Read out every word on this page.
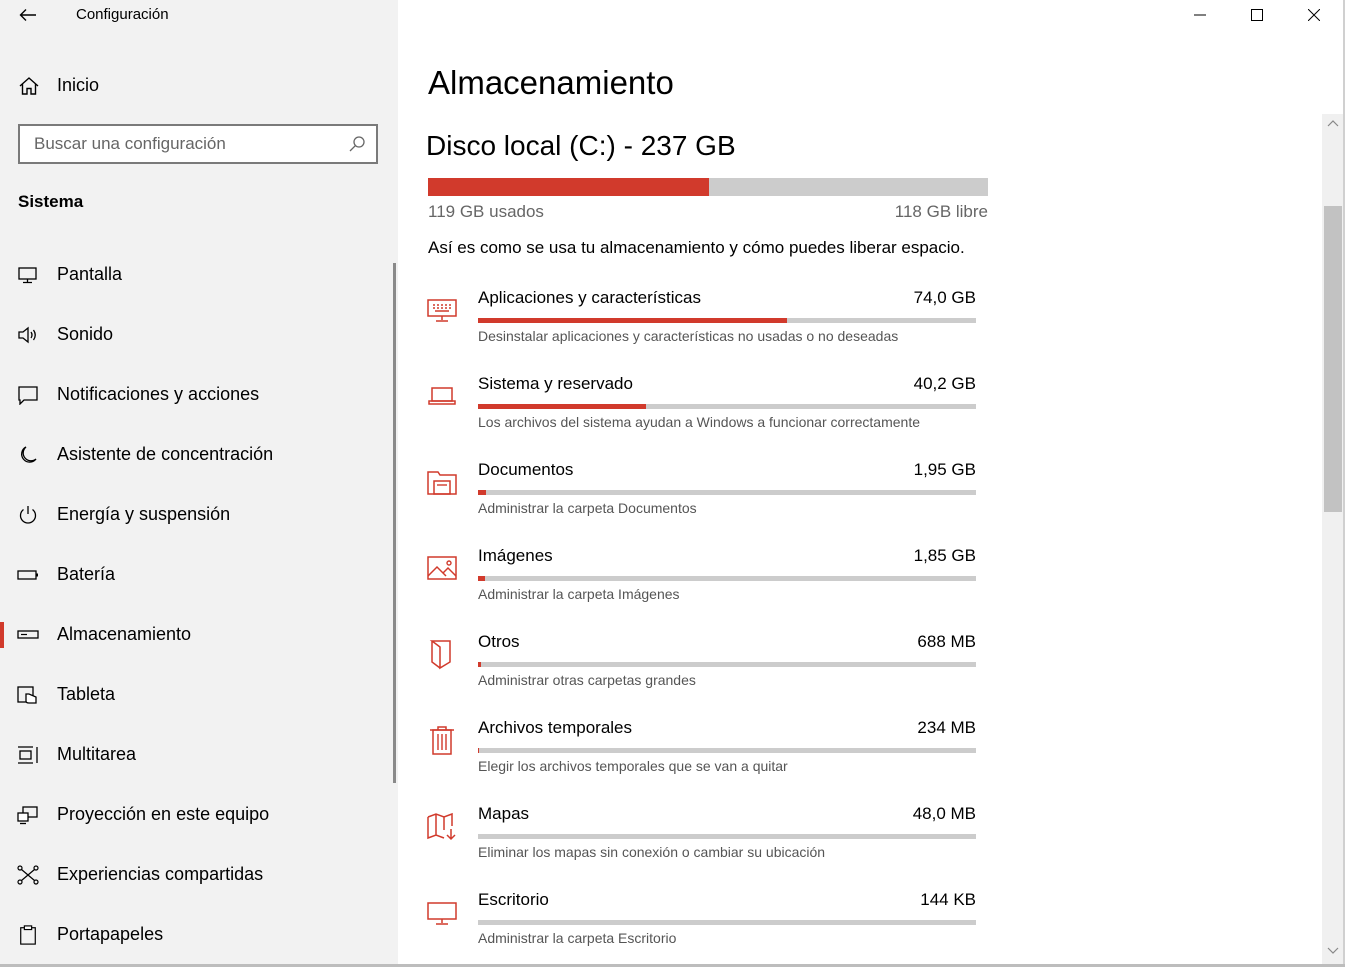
Configuración
Inicio
Buscar una configuración
Sistema
Pantalla
Sonido
Notificaciones y acciones
Asistente de concentración
Energía y suspensión
Batería
Almacenamiento
Tableta
Multitarea
Proyección en este equipo
Experiencias compartidas
Portapapeles
Almacenamiento
Disco local (C:) - 237 GB
119 GB usados	118 GB libre
Así es como se usa tu almacenamiento y cómo puedes liberar espacio.
Aplicaciones y características	74,0 GB
Desinstalar aplicaciones y características no usadas o no deseadas
Sistema y reservado	40,2 GB
Los archivos del sistema ayudan a Windows a funcionar correctamente
Documentos	1,95 GB
Administrar la carpeta Documentos
Imágenes	1,85 GB
Administrar la carpeta Imágenes
Otros	688 MB
Administrar otras carpetas grandes
Archivos temporales	234 MB
Elegir los archivos temporales que se van a quitar
Mapas	48,0 MB
Eliminar los mapas sin conexión o cambiar su ubicación
Escritorio	144 KB
Administrar la carpeta Escritorio
